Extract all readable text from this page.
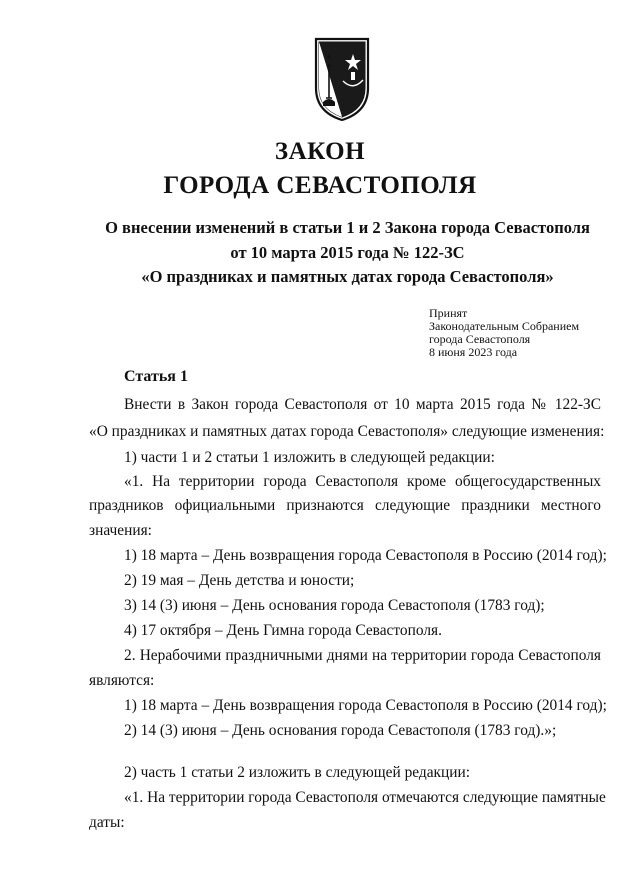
ЗАКОН
ГОРОДА СЕВАСТОПОЛЯ
О внесении изменений в статьи 1 и 2 Закона города Севастополя
от 10 марта 2015 года № 122-ЗС
«О праздниках и памятных датах города Севастополя»
Принят
Законодательным Собранием
города Севастополя
8 июня 2023 года
Статья 1
Внести в Закон города Севастополя от 10 марта 2015 года № 122-ЗС
«О праздниках и памятных датах города Севастополя» следующие изменения:
1) части 1 и 2 статьи 1 изложить в следующей редакции:
«1. На территории города Севастополя кроме общегосударственных
праздников официальными признаются следующие праздники местного
значения:
1) 18 марта – День возвращения города Севастополя в Россию (2014 год);
2) 19 мая – День детства и юности;
3) 14 (3) июня – День основания города Севастополя (1783 год);
4) 17 октября – День Гимна города Севастополя.
2. Нерабочими праздничными днями на территории города Севастополя
являются:
1) 18 марта – День возвращения города Севастополя в Россию (2014 год);
2) 14 (3) июня – День основания города Севастополя (1783 год).»;
2) часть 1 статьи 2 изложить в следующей редакции:
«1. На территории города Севастополя отмечаются следующие памятные
даты:
